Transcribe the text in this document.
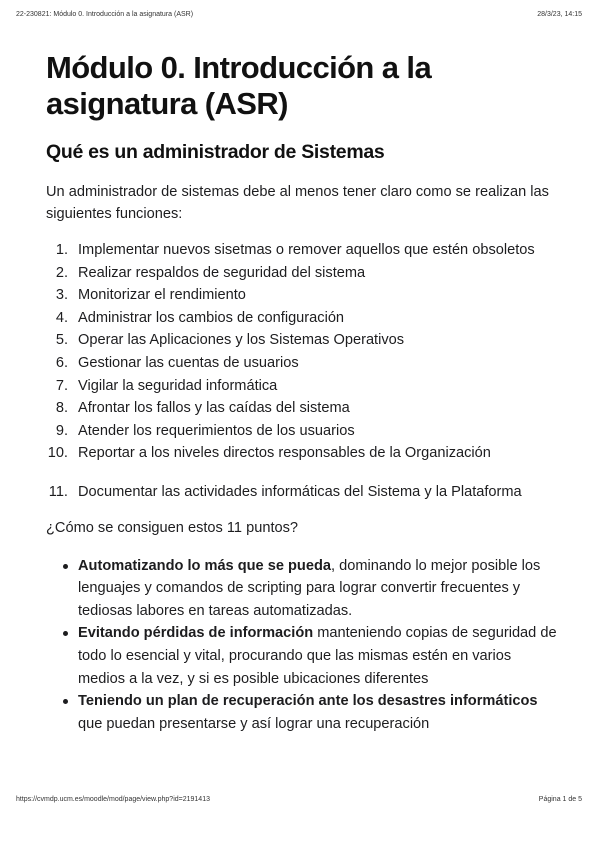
22-230821: Módulo 0. Introducción a la asignatura (ASR)	28/3/23, 14:15
Módulo 0. Introducción a la asignatura (ASR)
Qué es un administrador de Sistemas

Un administrador de sistemas debe al menos tener claro como se realizan las siguientes funciones:

1. Implementar nuevos sisetmas o remover aquellos que estén obsoletos
2. Realizar respaldos de seguridad del sistema
3. Monitorizar el rendimiento
4. Administrar los cambios de configuración
5. Operar las Aplicaciones y los Sistemas Operativos
6. Gestionar las cuentas de usuarios
7. Vigilar la seguridad informática
8. Afrontar los fallos y las caídas del sistema
9. Atender los requerimientos de los usuarios
10. Reportar a los niveles directos responsables de la Organización
11. Documentar las actividades informáticas del Sistema y la Plataforma

¿Cómo se consiguen estos 11 puntos?

Automatizando lo más que se pueda, dominando lo mejor posible los lenguajes y comandos de scripting para lograr convertir frecuentes y tediosas labores en tareas automatizadas.
Evitando pérdidas de información manteniendo copias de seguridad de todo lo esencial y vital, procurando que las mismas estén en varios medios a la vez, y si es posible ubicaciones diferentes
Teniendo un plan de recuperación ante los desastres informáticos que puedan presentarse y así lograr una recuperación
https://cvmdp.ucm.es/moodle/mod/page/view.php?id=2191413	Página 1 de 5
